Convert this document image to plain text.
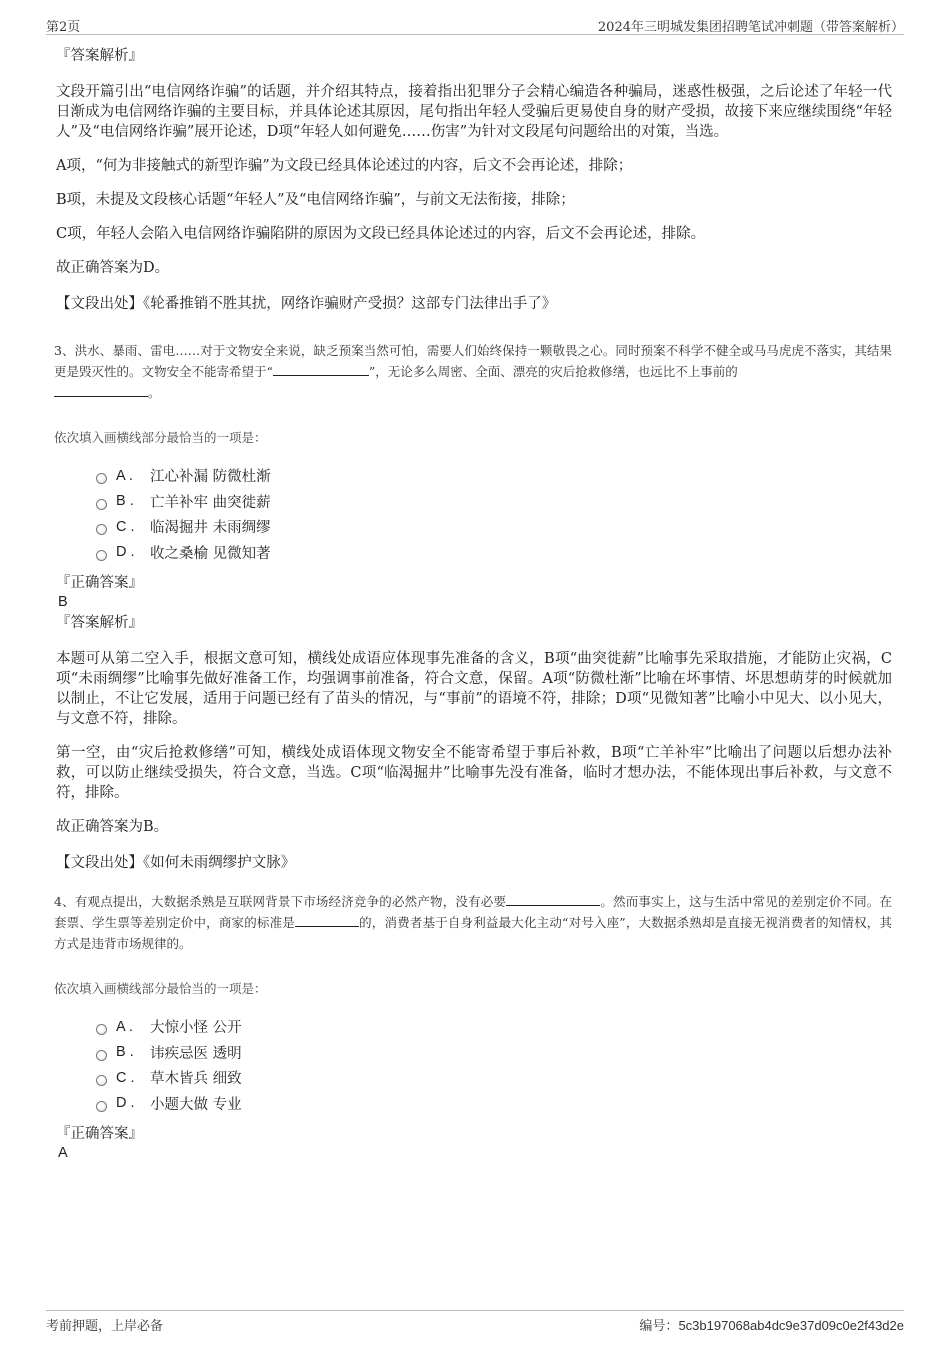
第2页	2024年三明城发集团招聘笔试冲刺题（带答案解析）
『答案解析』

文段开篇引出“电信网络诈骗”的话题，并介绍其特点，接着指出犯罪分子会精心编造各种骗局，迷惑性极强，之后论述了年轻一代日渐成为电信网络诈骗的主要目标，并具体论述其原因，尾句指出年轻人受骗后更易使自身的财产受损，故接下来应继续围绕“年轻人”及“电信网络诈骗”展开论述，D项“年轻人如何避免……伤害”为针对文段尾句问题给出的对策，当选。

A项，“何为非接触式的新型诈骗”为文段已经具体论述过的内容，后文不会再论述，排除；

B项，未提及文段核心话题“年轻人”及“电信网络诈骗”，与前文无法衔接，排除；

C项，年轻人会陷入电信网络诈骗陷阱的原因为文段已经具体论述过的内容，后文不会再论述，排除。

故正确答案为D。

【文段出处】《轮番推销不胜其扰，网络诈骗财产受损？这部专门法律出手了》

3、洪水、暴雨、雷电……对于文物安全来说，缺乏预案当然可怕，需要人们始终保持一颗敬畏之心。同时预案不科学不健全或马马虎虎不落实，其结果更是毁灭性的。文物安全不能寄希望于“	”，无论多么周密、全面、漂亮的灾后抢救修缮，也远比不上事前的
。

依次填入画横线部分最恰当的一项是：

A .	江心补漏 防微杜渐
B .	亡羊补牢 曲突徙薪
C .	临渴掘井 未雨绸缪
D .	收之桑榆 见微知著
『正确答案』
B
『答案解析』

本题可从第二空入手，根据文意可知，横线处成语应体现事先准备的含义，B项“曲突徙薪”比喻事先采取措施，才能防止灾祸，C项“未雨绸缪”比喻事先做好准备工作，均强调事前准备，符合文意，保留。A项“防微杜渐”比喻在坏事情、坏思想萌芽的时候就加以制止，不让它发展，适用于问题已经有了苗头的情况，与“事前”的语境不符，排除；D项“见微知著”比喻小中见大、以小见大，与文意不符，排除。

第一空，由“灾后抢救修缮”可知，横线处成语体现文物安全不能寄希望于事后补救，B项“亡羊补牢”比喻出了问题以后想办法补救，可以防止继续受损失，符合文意，当选。C项“临渴掘井”比喻事先没有准备，临时才想办法，不能体现出事后补救，与文意不符，排除。

故正确答案为B。

【文段出处】《如何未雨绸缪护文脉》

4、有观点提出，大数据杀熟是互联网背景下市场经济竞争的必然产物，没有必要	。然而事实上，这与生活中常见的差别定价不同。在套票、学生票等差别定价中，商家的标准是	的，消费者基于自身利益最大化主动“对号入座”，大数据杀熟却是直接无视消费者的知情权，其方式是违背市场规律的。

依次填入画横线部分最恰当的一项是：

A .	大惊小怪 公开
B .	讳疾忌医 透明
C .	草木皆兵 细致
D .	小题大做 专业
『正确答案』
A
考前押题，上岸必备	编号：5c3b197068ab4dc9e37d09c0e2f43d2e
